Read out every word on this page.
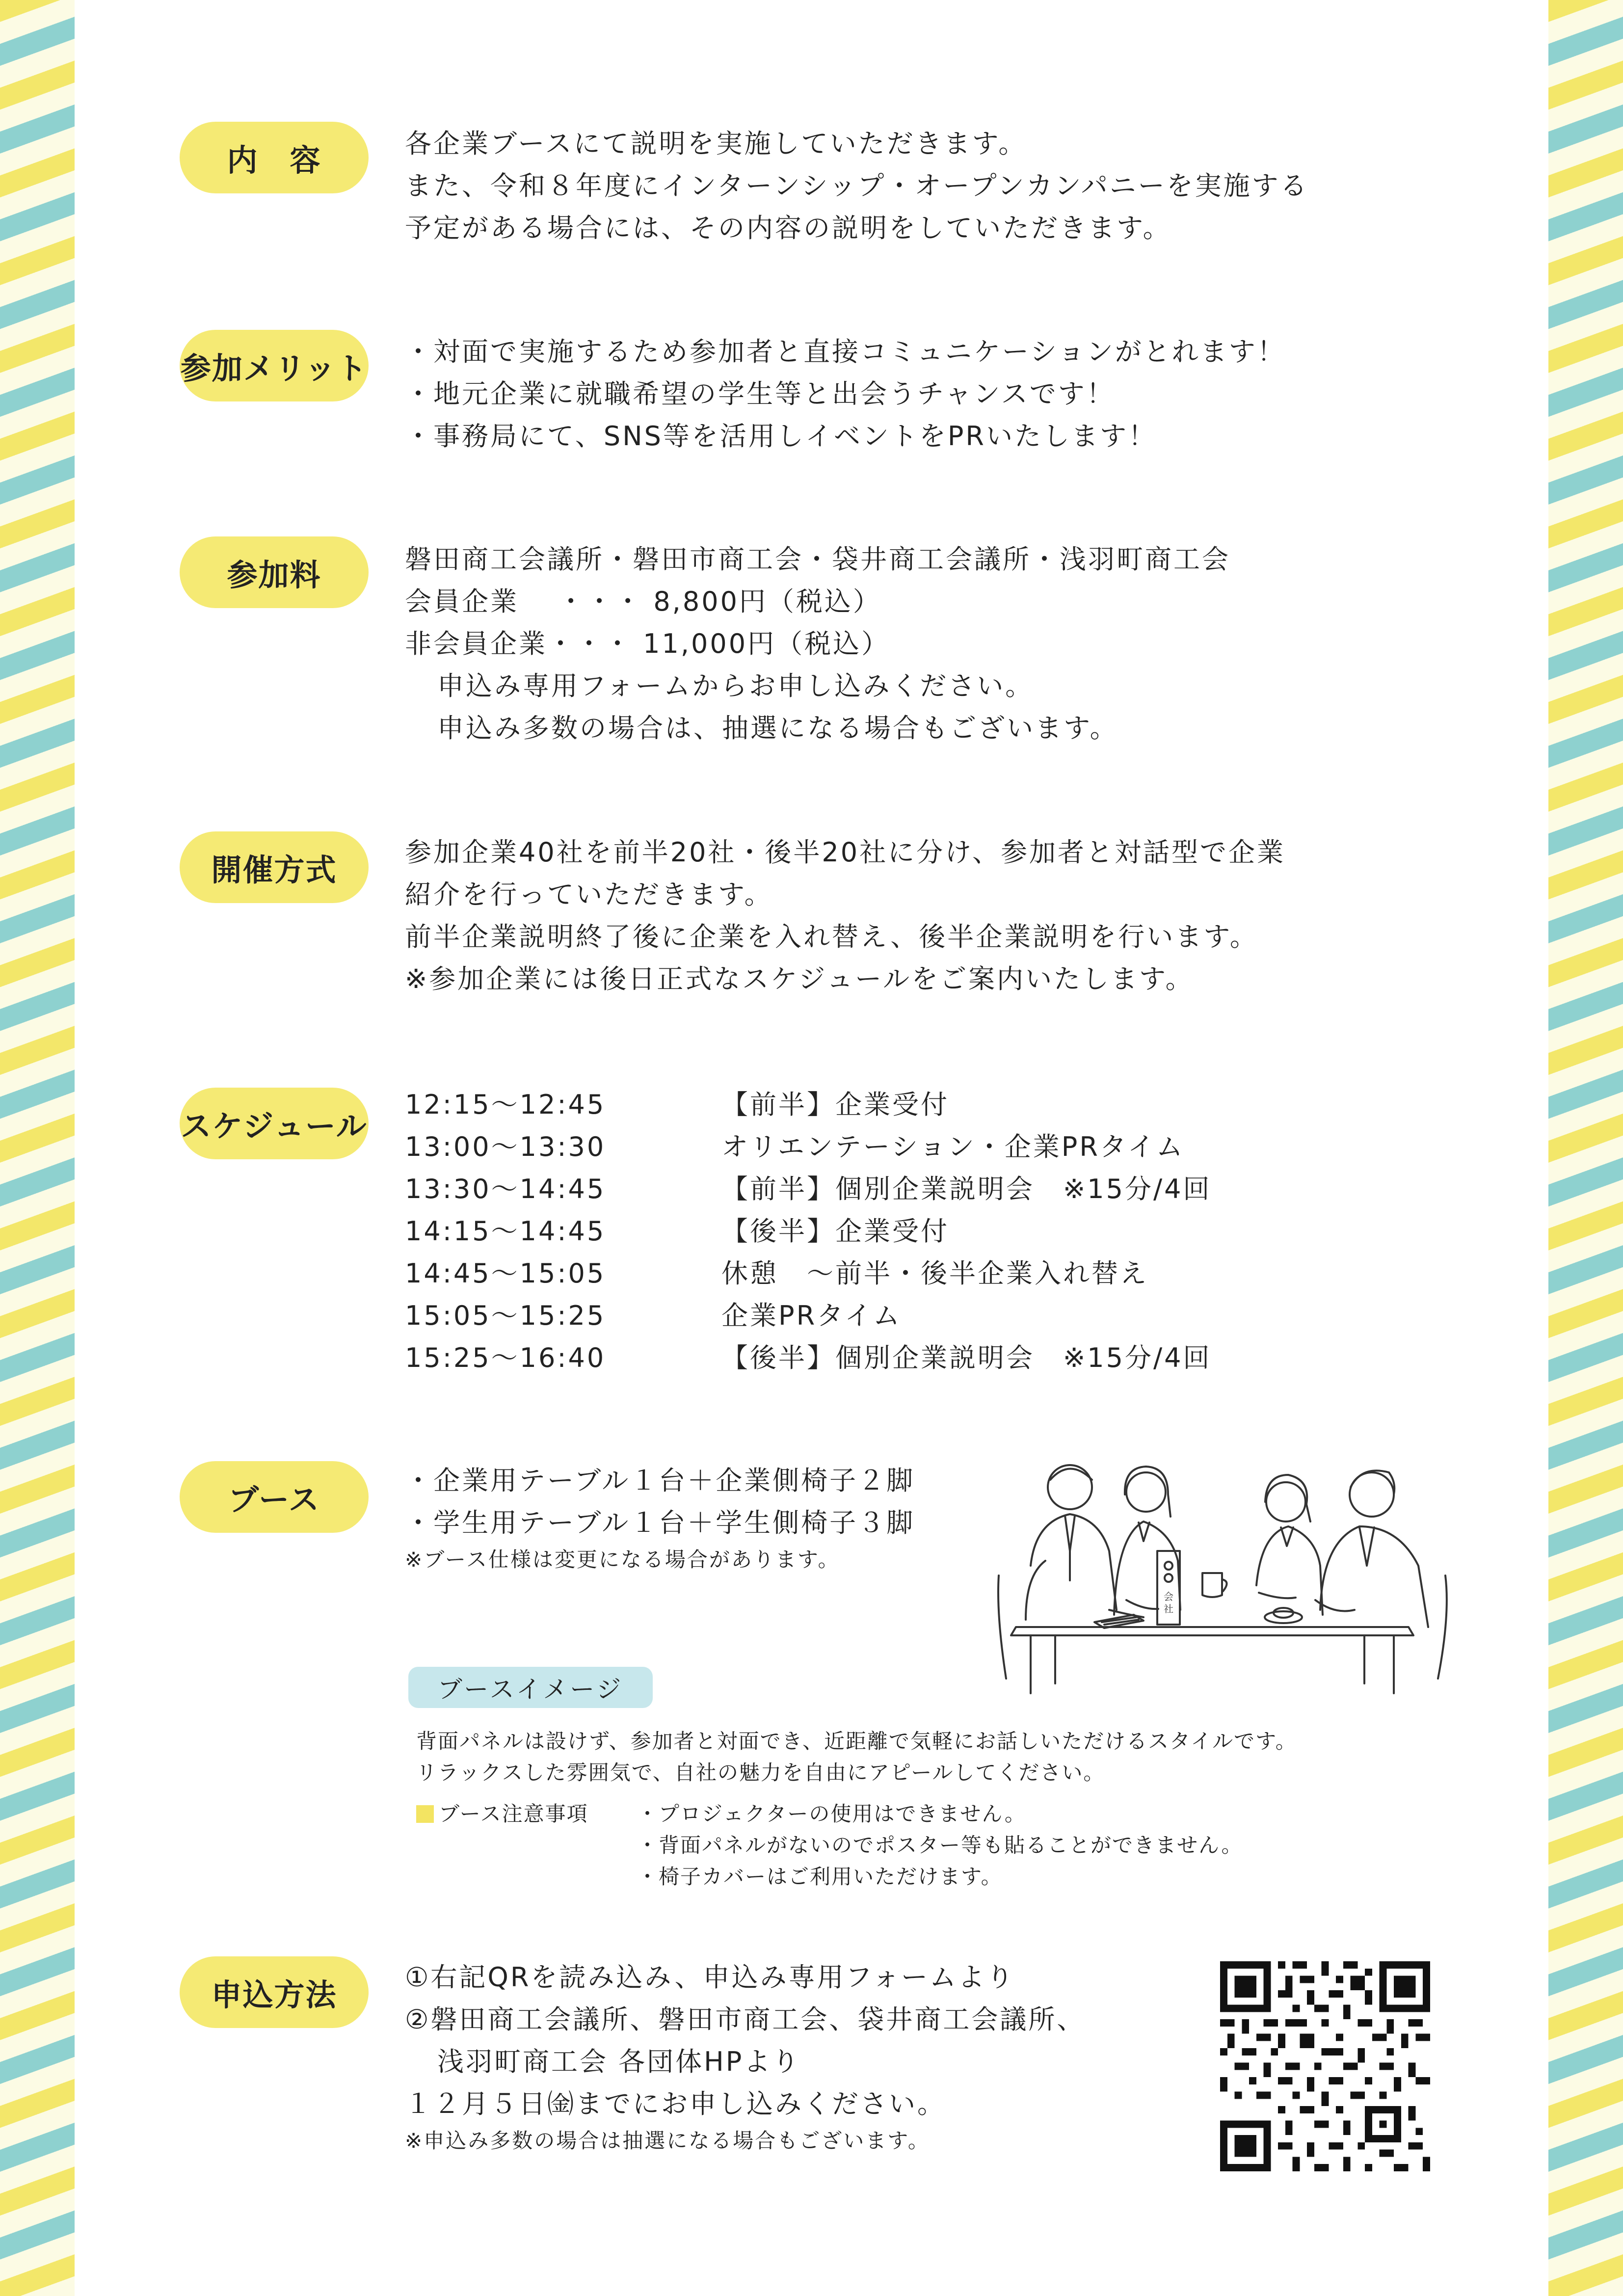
内　容	各企業ブースにて説明を実施していただきます。
また、令和８年度にインターンシップ・オープンカンパニーを実施する
予定がある場合には、その内容の説明をしていただきます。
参加メリット ・対面で実施するため参加者と直接コミュニケーションがとれます！
・地元企業に就職希望の学生等と出会うチャンスです！
・事務局にて、SNS等を活用しイベントをPRいたします！
参加料	磐田商工会議所・磐田市商工会・袋井商工会議所・浅羽町商工会
会員企業　 ・・・ 8,800円（税込）
非会員企業・・・ 11,000円（税込）
申込み専用フォームからお申し込みください。
申込み多数の場合は、抽選になる場合もございます。
開催方式	参加企業40社を前半20社・後半20社に分け、参加者と対話型で企業
紹介を行っていただきます。
前半企業説明終了後に企業を入れ替え、後半企業説明を行います。
※参加企業には後日正式なスケジュールをご案内いたします。
スケジュール
12:15～12:45	【前半】企業受付
13:00～13:30	オリエンテーション・企業PRタイム
13:30～14:45	【前半】個別企業説明会　※15分/4回
14:15～14:45	【後半】企業受付
14:45～15:05	休憩　～前半・後半企業入れ替え
15:05～15:25	企業PRタイム
15:25～16:40	【後半】個別企業説明会　※15分/4回
ブース
・企業用テーブル１台＋企業側椅子２脚
・学生用テーブル１台＋学生側椅子３脚
※ブース仕様は変更になる場合があります。
会
社
ブースイメージ
背面パネルは設けず、参加者と対面でき、近距離で気軽にお話しいただけるスタイルです。
リラックスした雰囲気で、自社の魅力を自由にアピールしてください。
ブース注意事項 ・プロジェクターの使用はできません。
・背面パネルがないのでポスター等も貼ることができません。
・椅子カバーはご利用いただけます。
申込方法	①右記QRを読み込み、申込み専用フォームより
②磐田商工会議所、磐田市商工会、袋井商工会議所、
浅羽町商工会 各団体HPより
１２月５日㈮までにお申し込みください。
※申込み多数の場合は抽選になる場合もございます。
